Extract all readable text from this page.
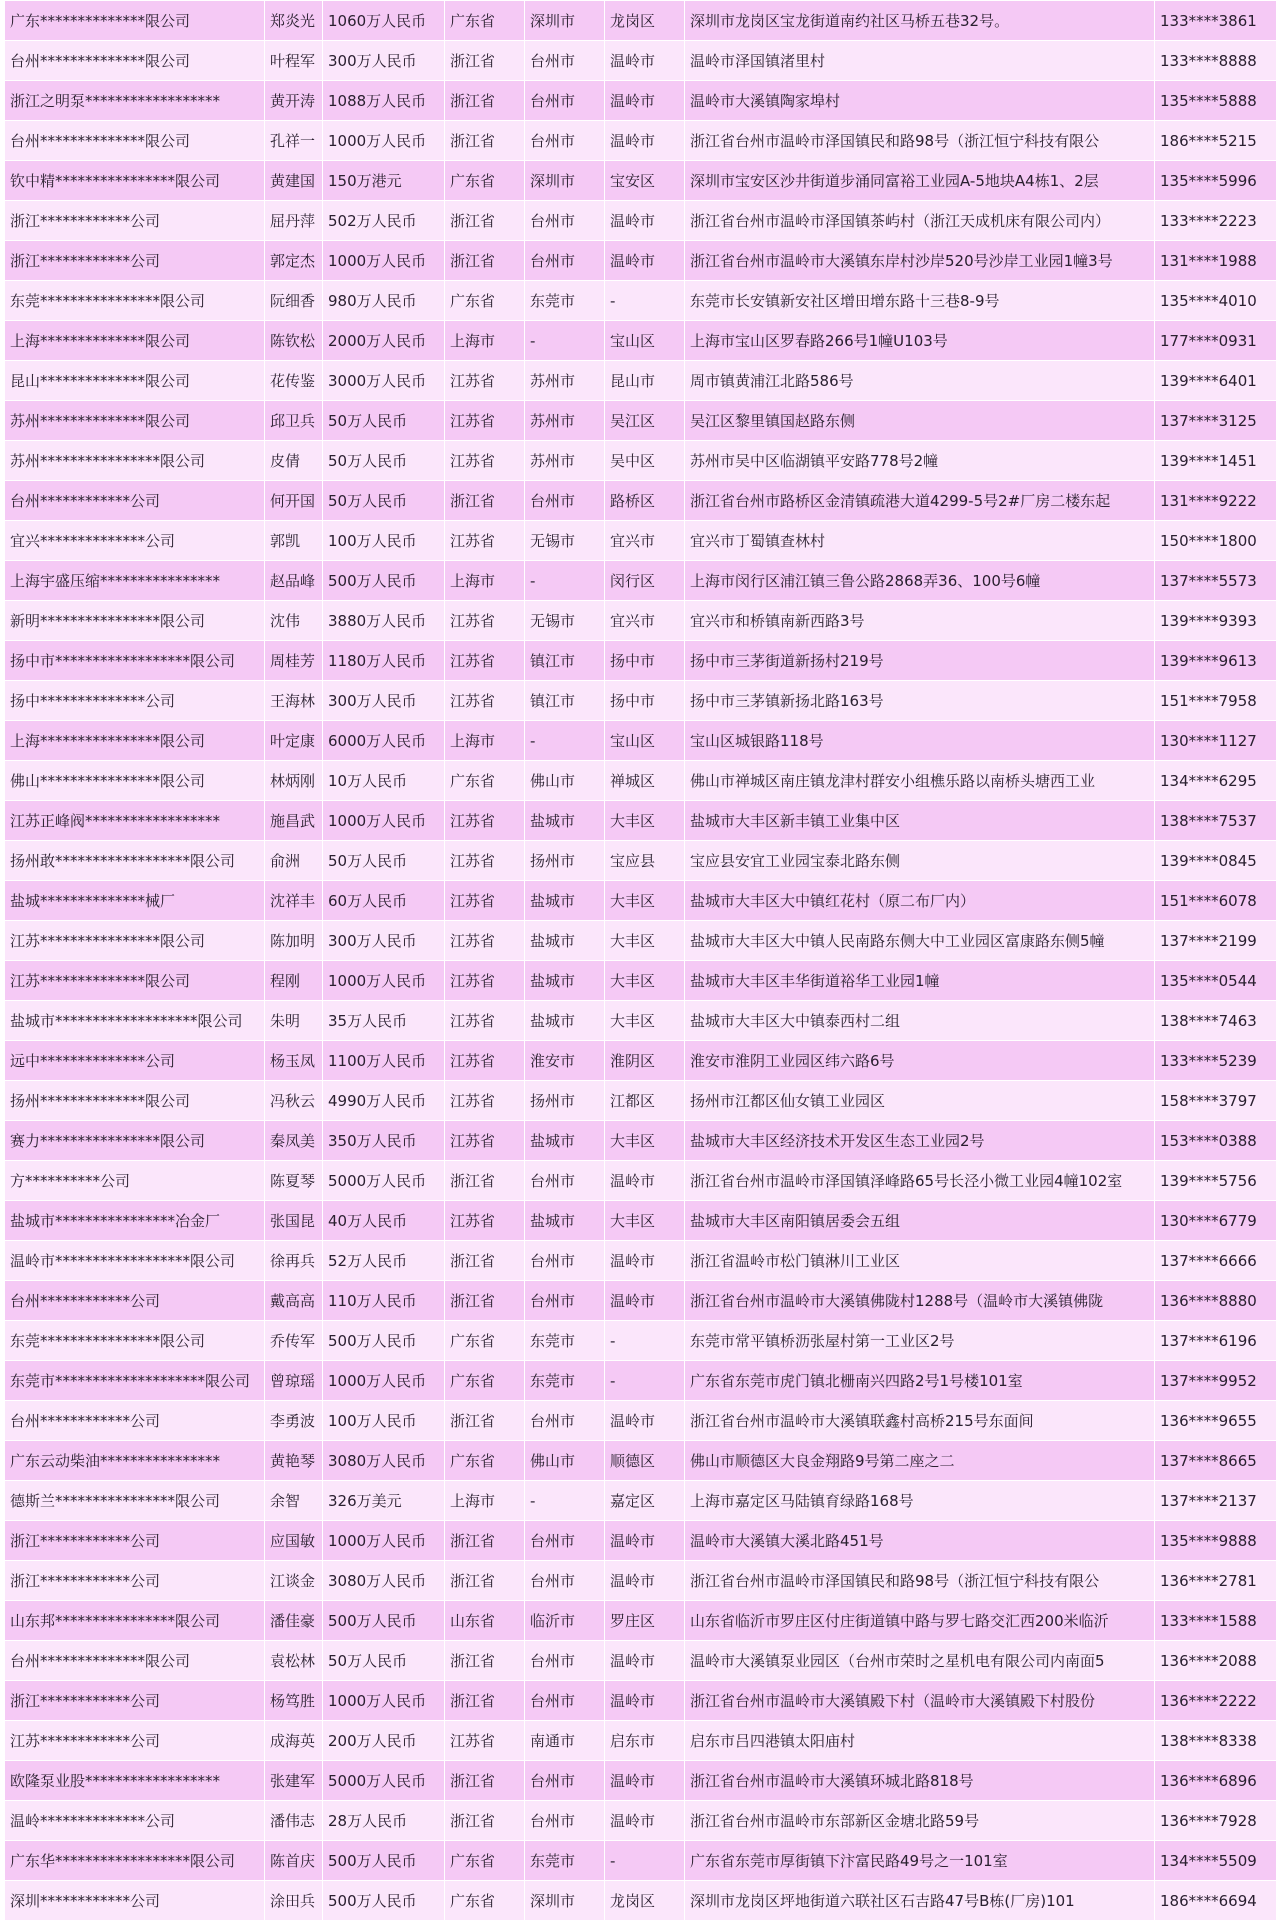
广东**************限公司	郑炎光	1060万人民币	广东省	深圳市	龙岗区	深圳市龙岗区宝龙街道南约社区马桥五巷32号。	133****3861
台州**************限公司	叶程军	300万人民币	浙江省	台州市	温岭市	温岭市泽国镇渚里村	133****8888
浙江之明泵******************	黄开涛	1088万人民币	浙江省	台州市	温岭市	温岭市大溪镇陶家埠村	135****5888
台州**************限公司	孔祥一	1000万人民币	浙江省	台州市	温岭市	浙江省台州市温岭市泽国镇民和路98号（浙江恒宁科技有限公	186****5215
钦中精****************限公司	黄建国	150万港元	广东省	深圳市	宝安区	深圳市宝安区沙井街道步涌同富裕工业园A-5地块A4栋1、2层	135****5996
浙江************公司	屈丹萍	502万人民币	浙江省	台州市	温岭市	浙江省台州市温岭市泽国镇茶屿村（浙江天成机床有限公司内）	133****2223
浙江************公司	郭定杰	1000万人民币	浙江省	台州市	温岭市	浙江省台州市温岭市大溪镇东岸村沙岸520号沙岸工业园1幢3号	131****1988
东莞****************限公司	阮细香	980万人民币	广东省	东莞市	-	东莞市长安镇新安社区增田增东路十三巷8-9号	135****4010
上海**************限公司	陈钦松	2000万人民币	上海市	-	宝山区	上海市宝山区罗春路266号1幢U103号	177****0931
昆山**************限公司	花传鉴	3000万人民币	江苏省	苏州市	昆山市	周市镇黄浦江北路586号	139****6401
苏州**************限公司	邱卫兵	50万人民币	江苏省	苏州市	吴江区	吴江区黎里镇国赵路东侧	137****3125
苏州****************限公司	皮倩	50万人民币	江苏省	苏州市	吴中区	苏州市吴中区临湖镇平安路778号2幢	139****1451
台州************公司	何开国	50万人民币	浙江省	台州市	路桥区	浙江省台州市路桥区金清镇疏港大道4299-5号2#厂房二楼东起	131****9222
宜兴**************公司	郭凯	100万人民币	江苏省	无锡市	宜兴市	宜兴市丁蜀镇查林村	150****1800
上海宇盛压缩****************	赵品峰	500万人民币	上海市	-	闵行区	上海市闵行区浦江镇三鲁公路2868弄36、100号6幢	137****5573
新明****************限公司	沈伟	3880万人民币	江苏省	无锡市	宜兴市	宜兴市和桥镇南新西路3号	139****9393
扬中市******************限公司	周桂芳	1180万人民币	江苏省	镇江市	扬中市	扬中市三茅街道新扬村219号	139****9613
扬中**************公司	王海林	300万人民币	江苏省	镇江市	扬中市	扬中市三茅镇新扬北路163号	151****7958
上海****************限公司	叶定康	6000万人民币	上海市	-	宝山区	宝山区城银路118号	130****1127
佛山****************限公司	林炳刚	10万人民币	广东省	佛山市	禅城区	佛山市禅城区南庄镇龙津村群安小组樵乐路以南桥头塘西工业	134****6295
江苏正峰阀******************	施昌武	1000万人民币	江苏省	盐城市	大丰区	盐城市大丰区新丰镇工业集中区	138****7537
扬州敢******************限公司	俞洲	50万人民币	江苏省	扬州市	宝应县	宝应县安宜工业园宝泰北路东侧	139****0845
盐城**************械厂	沈祥丰	60万人民币	江苏省	盐城市	大丰区	盐城市大丰区大中镇红花村（原二布厂内）	151****6078
江苏****************限公司	陈加明	300万人民币	江苏省	盐城市	大丰区	盐城市大丰区大中镇人民南路东侧大中工业园区富康路东侧5幢	137****2199
江苏**************限公司	程刚	1000万人民币	江苏省	盐城市	大丰区	盐城市大丰区丰华街道裕华工业园1幢	135****0544
盐城市*******************限公司	朱明	35万人民币	江苏省	盐城市	大丰区	盐城市大丰区大中镇泰西村二组	138****7463
远中**************公司	杨玉凤	1100万人民币	江苏省	淮安市	淮阴区	淮安市淮阴工业园区纬六路6号	133****5239
扬州**************限公司	冯秋云	4990万人民币	江苏省	扬州市	江都区	扬州市江都区仙女镇工业园区	158****3797
赛力****************限公司	秦凤美	350万人民币	江苏省	盐城市	大丰区	盐城市大丰区经济技术开发区生态工业园2号	153****0388
方**********公司	陈夏琴	5000万人民币	浙江省	台州市	温岭市	浙江省台州市温岭市泽国镇泽峰路65号长泾小微工业园4幢102室	139****5756
盐城市****************冶金厂	张国昆	40万人民币	江苏省	盐城市	大丰区	盐城市大丰区南阳镇居委会五组	130****6779
温岭市******************限公司	徐再兵	52万人民币	浙江省	台州市	温岭市	浙江省温岭市松门镇淋川工业区	137****6666
台州************公司	戴高高	110万人民币	浙江省	台州市	温岭市	浙江省台州市温岭市大溪镇佛陇村1288号（温岭市大溪镇佛陇	136****8880
东莞****************限公司	乔传军	500万人民币	广东省	东莞市	-	东莞市常平镇桥沥张屋村第一工业区2号	137****6196
东莞市********************限公司	曾琼瑶	1000万人民币	广东省	东莞市	-	广东省东莞市虎门镇北栅南兴四路2号1号楼101室	137****9952
台州************公司	李勇波	100万人民币	浙江省	台州市	温岭市	浙江省台州市温岭市大溪镇联鑫村高桥215号东面间	136****9655
广东云动柴油****************	黄艳琴	3080万人民币	广东省	佛山市	顺德区	佛山市顺德区大良金翔路9号第二座之二	137****8665
德斯兰****************限公司	余智	326万美元	上海市	-	嘉定区	上海市嘉定区马陆镇育绿路168号	137****2137
浙江************公司	应国敏	1000万人民币	浙江省	台州市	温岭市	温岭市大溪镇大溪北路451号	135****9888
浙江************公司	江谈金	3080万人民币	浙江省	台州市	温岭市	浙江省台州市温岭市泽国镇民和路98号（浙江恒宁科技有限公	136****2781
山东邦****************限公司	潘佳豪	500万人民币	山东省	临沂市	罗庄区	山东省临沂市罗庄区付庄街道镇中路与罗七路交汇西200米临沂	133****1588
台州**************限公司	袁松林	50万人民币	浙江省	台州市	温岭市	温岭市大溪镇泵业园区（台州市荣时之星机电有限公司内南面5	136****2088
浙江************公司	杨笃胜	1000万人民币	浙江省	台州市	温岭市	浙江省台州市温岭市大溪镇殿下村（温岭市大溪镇殿下村股份	136****2222
江苏************公司	成海英	200万人民币	江苏省	南通市	启东市	启东市吕四港镇太阳庙村	138****8338
欧隆泵业股******************	张建军	5000万人民币	浙江省	台州市	温岭市	浙江省台州市温岭市大溪镇环城北路818号	136****6896
温岭**************公司	潘伟志	28万人民币	浙江省	台州市	温岭市	浙江省台州市温岭市东部新区金塘北路59号	136****7928
广东华******************限公司	陈首庆	500万人民币	广东省	东莞市	-	广东省东莞市厚街镇下汴富民路49号之一101室	134****5509
深圳************公司	涂田兵	500万人民币	广东省	深圳市	龙岗区	深圳市龙岗区坪地街道六联社区石吉路47号B栋(厂房)101	186****6694
